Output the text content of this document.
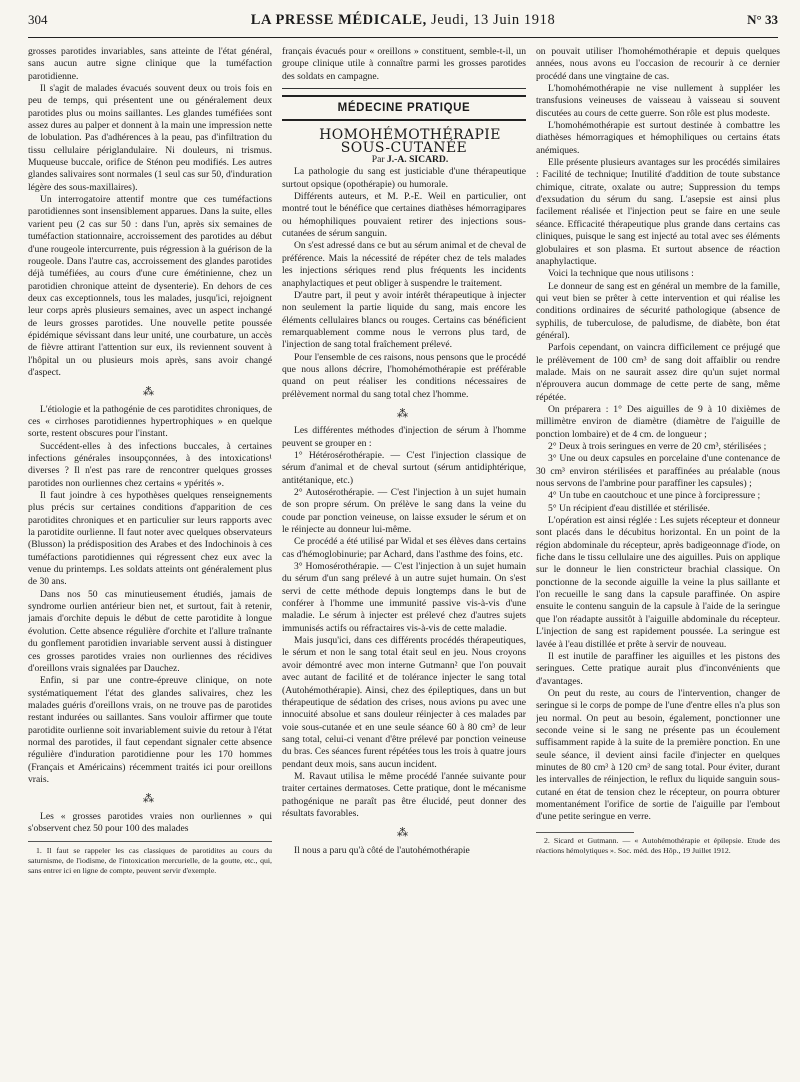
304	LA PRESSE MÉDICALE, Jeudi, 13 Juin 1918	N° 33

grosses parotides invariables, sans atteinte de l'état général, sans aucun autre signe clinique que la tuméfaction parotidienne.

Il s'agit de malades évacués souvent deux ou trois fois en peu de temps, qui présentent une ou généralement deux parotides plus ou moins saillantes. Les glandes tuméfiées sont assez dures au palper et donnent à la main une impression nette de lobulation. Pas d'adhérences à la peau, pas d'infiltration du tissu cellulaire périglandulaire. Ni douleurs, ni trismus. Muqueuse buccale, orifice de Sténon peu modifiés. Les autres glandes salivaires sont normales (1 seul cas sur 50, d'induration légère des sous-maxillaires).

Un interrogatoire attentif montre que ces tuméfactions parotidiennes sont insensiblement apparues. Dans la suite, elles varient peu (2 cas sur 50 : dans l'un, après six semaines de tuméfaction stationnaire, accroissement des parotides au début d'une rougeole intercurrente, puis régression à la guérison de la rougeole. Dans l'autre cas, accroissement des glandes parotides déjà tuméfiées, au cours d'une cure émétinienne, chez un parotidien chronique atteint de dysenterie). En dehors de ces deux cas exceptionnels, tous les malades, jusqu'ici, rejoignent leur corps après plusieurs semaines, avec un aspect inchangé de leurs grosses parotides. Une nouvelle petite poussée épidémique sévissant dans leur unité, une courbature, un accès de fièvre attirant l'attention sur eux, ils reviennent souvent à l'hôpital un ou plusieurs mois après, sans avoir changé d'aspect.

⁂

L'étiologie et la pathogénie de ces parotidites chroniques, de ces « cirrhoses parotidiennes hypertrophiques » en quelque sorte, restent obscures pour l'instant.

Succédent-elles à des infections buccales, à certaines infections générales insoupçonnées, à des intoxications¹ diverses ? Il n'est pas rare de rencontrer quelques grosses parotides non ourliennes chez certains « ypérités ».

Il faut joindre à ces hypothèses quelques renseignements plus précis sur certaines conditions d'apparition de ces parotidites chroniques et en particulier sur leurs rapports avec la parotidite ourlienne. Il faut noter avec quelques observateurs (Blusson) la prédisposition des Arabes et des Indochinois à ces tuméfactions parotidiennes qui régressent chez eux avec la venue du printemps. Les soldats atteints ont généralement plus de 30 ans.

Dans nos 50 cas minutieusement étudiés, jamais de syndrome ourlien antérieur bien net, et surtout, fait à retenir, jamais d'orchite depuis le début de cette parotidite à longue évolution. Cette absence régulière d'orchite et l'allure traînante du gonflement parotidien invariable servent aussi à distinguer ces grosses parotides vraies non ourliennes des récidives d'oreillons vrais signalées par Dauchez.

Enfin, si par une contre-épreuve clinique, on note systématiquement l'état des glandes salivaires, chez les malades guéris d'oreillons vrais, on ne trouve pas de parotides restant indurées ou saillantes. Sans vouloir affirmer que toute parotidite ourlienne soit invariablement suivie du retour à l'état normal des parotides, il faut cependant signaler cette absence régulière d'induration parotidienne pour les 170 hommes (Français et Américains) récemment traités ici pour oreillons vrais.

⁂

Les « grosses parotides vraies non ourliennes » qui s'observent chez 50 pour 100 des malades

1. Il faut se rappeler les cas classiques de parotidites au cours du saturnisme, de l'iodisme, de l'intoxication mercurielle, de la goutte, etc., qui, sans entrer ici en ligne de compte, peuvent servir d'exemple.

français évacués pour « oreillons » constituent, semble-t-il, un groupe clinique utile à connaître parmi les grosses parotides des soldats en campagne.

MÉDECINE PRATIQUE

HOMOHÉMOTHÉRAPIE SOUS-CUTANÉE

Par J.-A. SICARD.

La pathologie du sang est justiciable d'une thérapeutique surtout opsique (opothérapie) ou humorale.

Différents auteurs, et M. P.-E. Weil en particulier, ont montré tout le bénéfice que certaines diathèses hémorragipares ou hémophiliques pouvaient retirer des injections sous-cutanées de sérum sanguin.

On s'est adressé dans ce but au sérum animal et de cheval de préférence. Mais la nécessité de répéter chez de tels malades les injections sériques rend plus fréquents les incidents anaphylactiques et peut obliger à suspendre le traitement.

D'autre part, il peut y avoir intérêt thérapeutique à injecter non seulement la partie liquide du sang, mais encore les éléments cellulaires blancs ou rouges. Certains cas bénéficient remarquablement comme nous le verrons plus tard, de l'injection de sang total fraîchement prélevé.

Pour l'ensemble de ces raisons, nous pensons que le procédé que nous allons décrire, l'homohémothérapie est préférable quand on peut réaliser les conditions nécessaires de prélèvement normal du sang total chez l'homme.

⁂

Les différentes méthodes d'injection de sérum à l'homme peuvent se grouper en :

1° Hétérosérothérapie. — C'est l'injection classique de sérum d'animal et de cheval surtout (sérum antidiphtérique, antitétanique, etc.)

2° Autosérothérapie. — C'est l'injection à un sujet humain de son propre sérum. On prélève le sang dans la veine du coude par ponction veineuse, on laisse exsuder le sérum et on le réinjecte au donneur lui-même.

Ce procédé a été utilisé par Widal et ses élèves dans certains cas d'hémoglobinurie; par Achard, dans l'asthme des foins, etc.

3° Homosérothérapie. — C'est l'injection à un sujet humain du sérum d'un sang prélevé à un autre sujet humain. On s'est servi de cette méthode depuis longtemps dans le but de conférer à l'homme une immunité passive vis-à-vis d'une maladie. Le sérum à injecter est prélevé chez d'autres sujets immunisés actifs ou réfractaires vis-à-vis de cette maladie.

Mais jusqu'ici, dans ces différents procédés thérapeutiques, le sérum et non le sang total était seul en jeu. Nous croyons avoir démontré avec mon interne Gutmann² que l'on pouvait avec autant de facilité et de tolérance injecter le sang total (Autohémothérapie). Ainsi, chez des épileptiques, dans un but thérapeutique de sédation des crises, nous avions pu avec une innocuité absolue et sans douleur réinjecter à ces malades par voie sous-cutanée et en une seule séance 60 à 80 cm³ de leur sang total, celui-ci venant d'être prélevé par ponction veineuse du bras. Ces séances furent répétées tous les trois à quatre jours pendant deux mois, sans aucun incident.

M. Ravaut utilisa le même procédé l'année suivante pour traiter certaines dermatoses. Cette pratique, dont le mécanisme pathogénique ne paraît pas être élucidé, peut donner des résultats favorables.

⁂

Il nous a paru qu'à côté de l'autohémothérapie

on pouvait utiliser l'homohémothérapie et depuis quelques années, nous avons eu l'occasion de recourir à ce dernier procédé dans une vingtaine de cas.

L'homohémothérapie ne vise nullement à suppléer les transfusions veineuses de vaisseau à vaisseau si souvent discutées au cours de cette guerre. Son rôle est plus modeste.

L'homohémothérapie est surtout destinée à combattre les diathèses hémorragiques et hémophiliques ou certains états anémiques.

Elle présente plusieurs avantages sur les procédés similaires : Facilité de technique; Inutilité d'addition de toute substance chimique, citrate, oxalate ou autre; Suppression du temps d'exsudation du sérum du sang. L'asepsie est ainsi plus facilement réalisée et l'injection peut se faire en une seule séance. Efficacité thérapeutique plus grande dans certains cas cliniques, puisque le sang est injecté au total avec ses éléments globulaires et son plasma. Et surtout absence de réaction anaphylactique.

Voici la technique que nous utilisons :

Le donneur de sang est en général un membre de la famille, qui veut bien se prêter à cette intervention et qui réalise les conditions ordinaires de sécurité pathologique (absence de syphilis, de tuberculose, de paludisme, de diabète, bon état général).

Parfois cependant, on vaincra difficilement ce préjugé que le prélèvement de 100 cm³ de sang doit affaiblir ou rendre malade. Mais on ne saurait assez dire qu'un sujet normal n'éprouvera aucun dommage de cette perte de sang, même répétée.

On préparera : 1° Des aiguilles de 9 à 10 dixièmes de millimètre environ de diamètre (diamètre de l'aiguille de ponction lombaire) et de 4 cm. de longueur ;

2° Deux à trois seringues en verre de 20 cm³, stérilisées ;

3° Une ou deux capsules en porcelaine d'une contenance de 30 cm³ environ stérilisées et paraffinées au préalable (nous nous servons de l'ambrine pour paraffiner les capsules) ;

4° Un tube en caoutchouc et une pince à forcipressure ;

5° Un récipient d'eau distillée et stérilisée.

L'opération est ainsi réglée : Les sujets récepteur et donneur sont placés dans le décubitus horizontal. En un point de la région abdominale du récepteur, après badigeonnage d'iode, on fiche dans le tissu cellulaire une des aiguilles. Puis on applique sur le donneur le lien constricteur brachial classique. On ponctionne de la seconde aiguille la veine la plus saillante et l'on recueille le sang dans la capsule paraffinée. On aspire ensuite le contenu sanguin de la capsule à l'aide de la seringue que l'on réadapte aussitôt à l'aiguille abdominale du récepteur. L'injection de sang est rapidement poussée. La seringue est lavée à l'eau distillée et prête à servir de nouveau.

Il est inutile de paraffiner les aiguilles et les pistons des seringues. Cette pratique aurait plus d'inconvénients que d'avantages.

On peut du reste, au cours de l'intervention, changer de seringue si le corps de pompe de l'une d'entre elles n'a plus son jeu normal. On peut au besoin, également, ponctionner une seconde veine si le sang ne présente pas un écoulement suffisamment rapide à la suite de la première ponction. En une seule séance, il devient ainsi facile d'injecter en quelques minutes de 80 cm³ à 120 cm³ de sang total. Pour éviter, durant les intervalles de réinjection, le reflux du liquide sanguin sous-cutané en état de tension chez le récepteur, on pourra obturer momentanément l'orifice de sortie de l'aiguille par l'embout d'une petite seringue en verre.

2. Sicard et Gutmann. — « Autohémothérapie et épilepsie. Etude des réactions hémolytiques ». Soc. méd. des Hôp., 19 Juillet 1912.
